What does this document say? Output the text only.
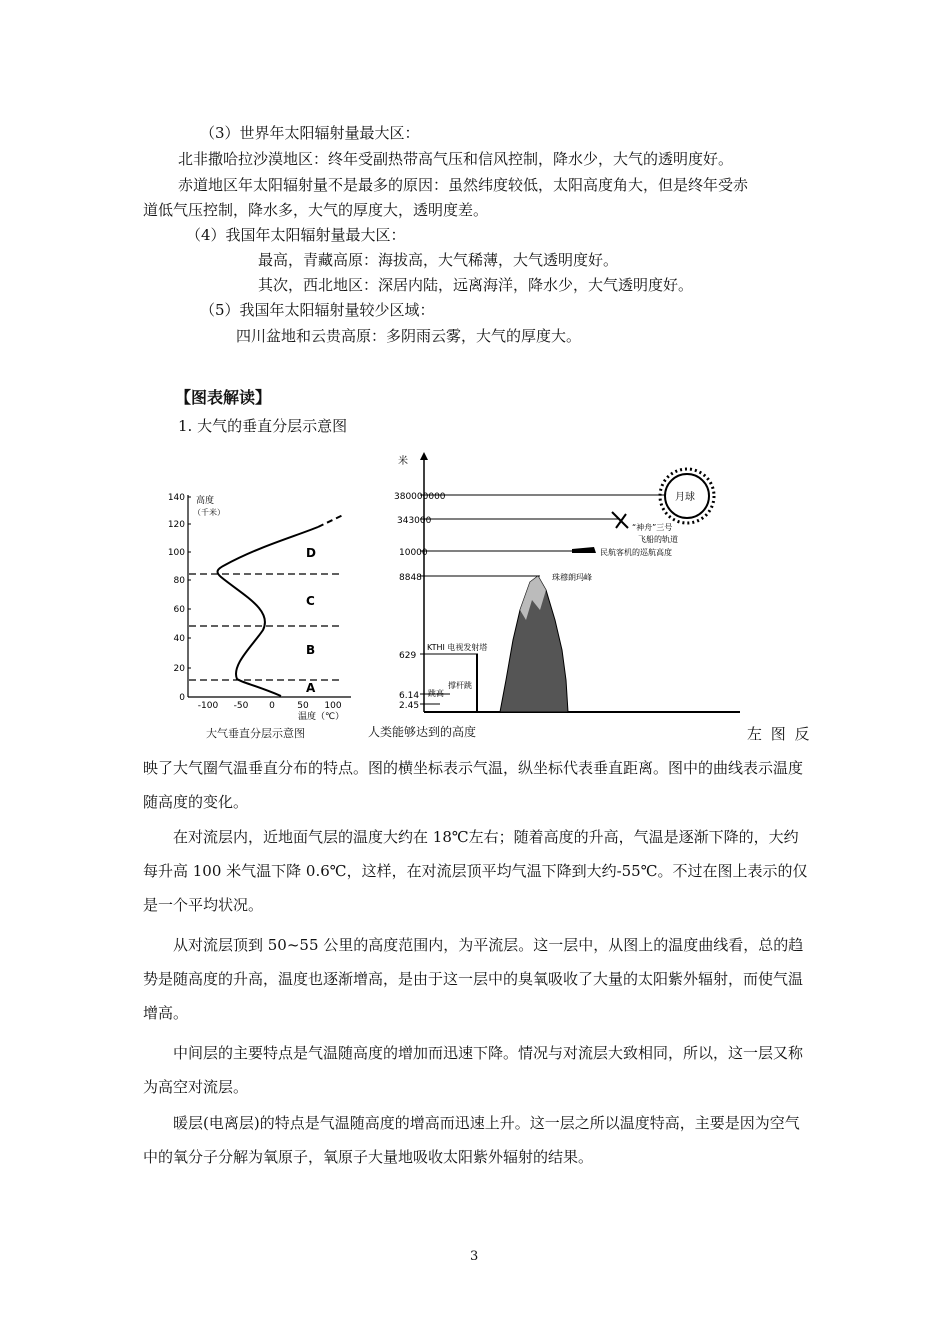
（3）世界年太阳辐射量最大区：
北非撒哈拉沙漠地区：终年受副热带高气压和信风控制，降水少，大气的透明度好。
赤道地区年太阳辐射量不是最多的原因：虽然纬度较低，太阳高度角大，但是终年受赤
道低气压控制，降水多，大气的厚度大，透明度差。
（4）我国年太阳辐射量最大区：
最高，青藏高原：海拔高，大气稀薄，大气透明度好。
其次，西北地区：深居内陆，远离海洋，降水少，大气透明度好。
（5）我国年太阳辐射量较少区域：
四川盆地和云贵高原：多阴雨云雾，大气的厚度大。
【图表解读】
1. 大气的垂直分层示意图
140
120
100
80
60
40
20
0
高度
（千米）
-100 -50 0 50 100
温度（℃）
D
C
B
A
大气垂直分层示意图
米
380000000
343000
10000
8848
629
6.14
2.45
月球
“神舟”三号
飞船的轨道
民航客机的巡航高度
珠穆朗玛峰
KTHI 电视发射塔
撑杆跳
跳高
人类能够达到的高度	左 图 反
映了大气圈气温垂直分布的特点。图的横坐标表示气温，纵坐标代表垂直距离。图中的曲线表示温度随高度的变化。
在对流层内，近地面气层的温度大约在 18℃左右；随着高度的升高，气温是逐渐下降的，大约每升高 100 米气温下降 0.6℃，这样，在对流层顶平均气温下降到大约-55℃。不过在图上表示的仅是一个平均状况。
从对流层顶到 50~55 公里的高度范围内，为平流层。这一层中，从图上的温度曲线看，总的趋势是随高度的升高，温度也逐渐增高，是由于这一层中的臭氧吸收了大量的太阳紫外辐射，而使气温增高。
中间层的主要特点是气温随高度的增加而迅速下降。情况与对流层大致相同，所以，这一层又称为高空对流层。
暖层(电离层)的特点是气温随高度的增高而迅速上升。这一层之所以温度特高，主要是因为空气中的氧分子分解为氧原子，氧原子大量地吸收太阳紫外辐射的结果。
3
